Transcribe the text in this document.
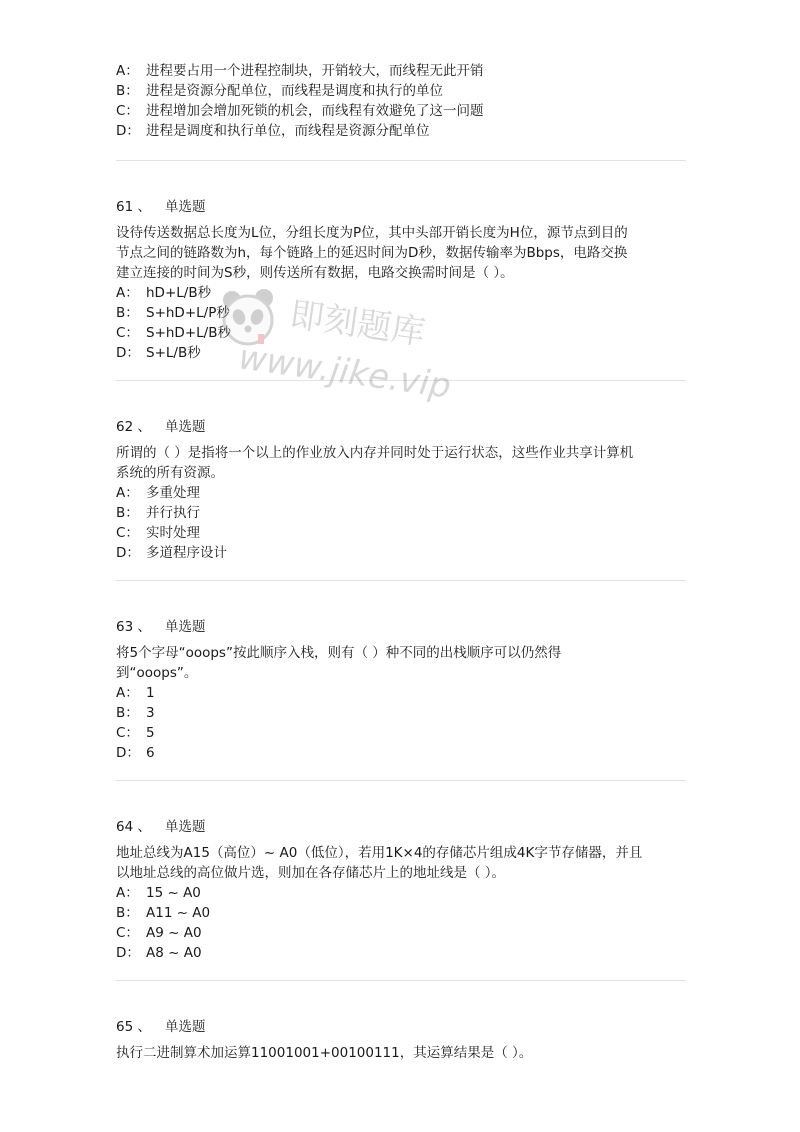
A： 进程要占用一个进程控制块，开销较大，而线程无此开销
B： 进程是资源分配单位，而线程是调度和执行的单位
C： 进程增加会增加死锁的机会，而线程有效避免了这一问题
D： 进程是调度和执行单位，而线程是资源分配单位
61 、 单选题
设待传送数据总长度为L位，分组长度为P位，其中头部开销长度为H位，源节点到目的
节点之间的链路数为h，每个链路上的延迟时间为D秒，数据传输率为Bbps，电路交换
建立连接的时间为S秒，则传送所有数据，电路交换需时间是（ ）。
A： hD+L/B秒
B： S+hD+L/P秒
C： S+hD+L/B秒
D： S+L/B秒
62 、 单选题
所谓的（ ）是指将一个以上的作业放入内存并同时处于运行状态，这些作业共享计算机
系统的所有资源。
A： 多重处理
B： 并行执行
C： 实时处理
D： 多道程序设计
63 、 单选题
将5个字母“ooops”按此顺序入栈，则有（ ）种不同的出栈顺序可以仍然得
到“ooops”。
A： 1
B： 3
C： 5
D： 6
64 、 单选题
地址总线为A15（高位）~ A0（低位），若用1K×4的存储芯片组成4K字节存储器，并且
以地址总线的高位做片选，则加在各存储芯片上的地址线是（ ）。
A： 15 ~ A0
B： A11 ~ A0
C： A9 ~ A0
D： A8 ~ A0
65 、 单选题
执行二进制算术加运算11001001+00100111，其运算结果是（ ）。
即刻题库
www.jike.vip
